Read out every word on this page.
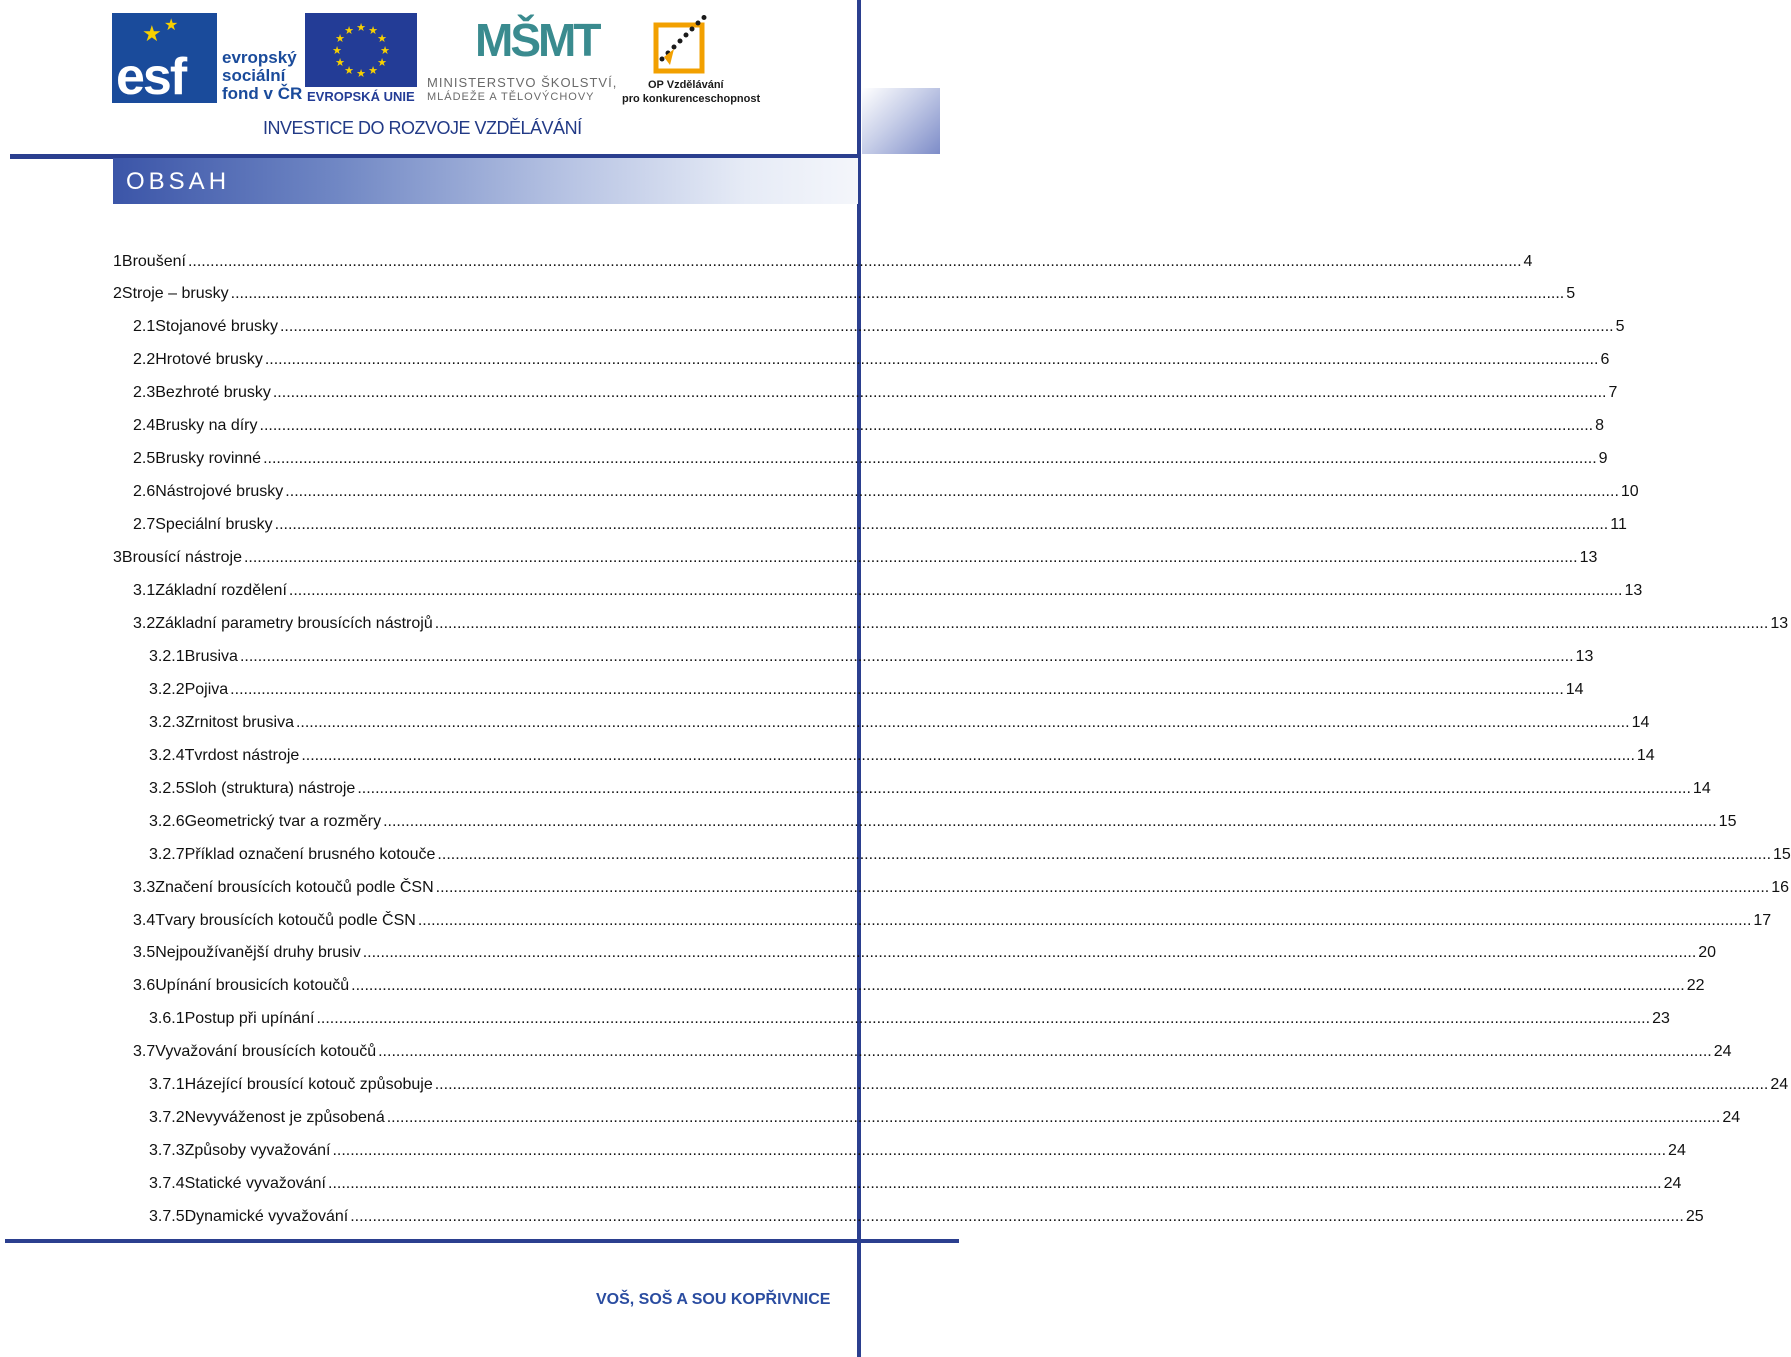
★ ★
esf evropský
sociální
fond v ČR
★ ★
★
★
★
★
★
★
★
★
★
★
EVROPSKÁ UNIE
MŠMT
MINISTERSTVO ŠKOLSTVÍ,
MLÁDEŽE A TĚLOVÝCHOVY
OP Vzdělávání
pro konkurenceschopnost
INVESTICE DO ROZVOJE VZDĚLÁVÁNÍ
OBSAH
1 Broušení ............................................................................................................................................................................................................................................................................................................ 4
2 Stroje – brusky ............................................................................................................................................................................................................................................................................................................ 5
2.1 Stojanové brusky ............................................................................................................................................................................................................................................................................................................ 5
2.2 Hrotové brusky ............................................................................................................................................................................................................................................................................................................ 6
2.3 Bezhroté brusky ............................................................................................................................................................................................................................................................................................................ 7
2.4 Brusky na díry ............................................................................................................................................................................................................................................................................................................ 8
2.5 Brusky rovinné ............................................................................................................................................................................................................................................................................................................ 9
2.6 Nástrojové brusky ............................................................................................................................................................................................................................................................................................................ 10
2.7 Speciální brusky ............................................................................................................................................................................................................................................................................................................ 11
3 Brousící nástroje ............................................................................................................................................................................................................................................................................................................ 13
3.1 Základní rozdělení ............................................................................................................................................................................................................................................................................................................ 13
3.2 Základní parametry brousících nástrojů ............................................................................................................................................................................................................................................................................................................ 13
3.2.1 Brusiva ............................................................................................................................................................................................................................................................................................................ 13
3.2.2 Pojiva ............................................................................................................................................................................................................................................................................................................ 14
3.2.3 Zrnitost brusiva ............................................................................................................................................................................................................................................................................................................ 14
3.2.4 Tvrdost nástroje ............................................................................................................................................................................................................................................................................................................ 14
3.2.5 Sloh (struktura) nástroje ............................................................................................................................................................................................................................................................................................................ 14
3.2.6 Geometrický tvar a rozměry ............................................................................................................................................................................................................................................................................................................ 15
3.2.7 Příklad označení brusného kotouče ............................................................................................................................................................................................................................................................................................................ 15
3.3 Značení brousících kotoučů podle ČSN ............................................................................................................................................................................................................................................................................................................ 16
3.4 Tvary brousících kotoučů podle ČSN ............................................................................................................................................................................................................................................................................................................ 17
3.5 Nejpoužívanější druhy brusiv ............................................................................................................................................................................................................................................................................................................ 20
3.6 Upínání brousicích kotoučů ............................................................................................................................................................................................................................................................................................................ 22
3.6.1 Postup při upínání ............................................................................................................................................................................................................................................................................................................ 23
3.7 Vyvažování brousících kotoučů ............................................................................................................................................................................................................................................................................................................ 24
3.7.1 Házející brousící kotouč způsobuje ............................................................................................................................................................................................................................................................................................................ 24
3.7.2 Nevyváženost je způsobená ............................................................................................................................................................................................................................................................................................................ 24
3.7.3 Způsoby vyvažování ............................................................................................................................................................................................................................................................................................................ 24
3.7.4 Statické vyvažování ............................................................................................................................................................................................................................................................................................................ 24
3.7.5 Dynamické vyvažování ............................................................................................................................................................................................................................................................................................................ 25
VOŠ, SOŠ A SOU KOPŘIVNICE
